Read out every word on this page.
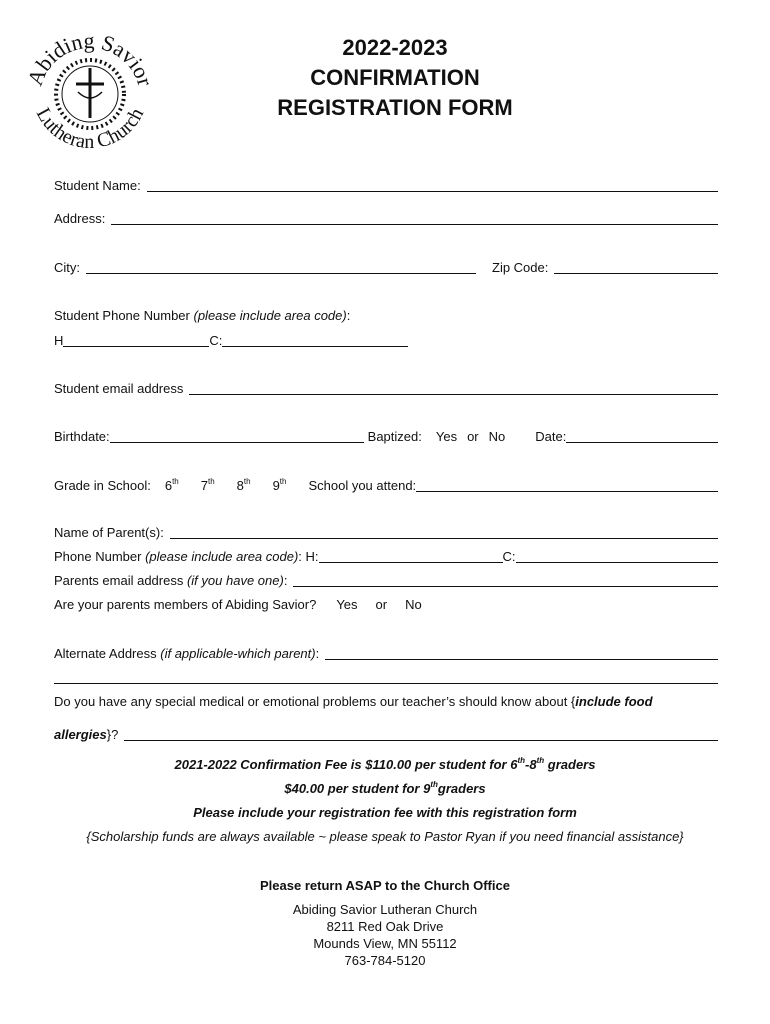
Abiding Savior
Lutheran Church
2022-2023
CONFIRMATION
REGISTRATION FORM
Student Name:
Address:
City:	Zip Code:
Student Phone Number
(please include area code) :
H	C:
Student email address
Birthdate:	Baptized: Yes or No Date:
Grade in School: 6th 7th 8th 9th School you attend:
Name of Parent(s):
Phone Number
(please include area code) : H:	C:
Parents email address
(if you have one) :
Are your parents members of Abiding Savior? Yes or No
Alternate Address
(if applicable-which parent) :
Do you have any special medical or emotional problems our teacher’s should know about { include food
allergies }?
2021-2022 Confirmation Fee is $110.00 per student for 6th-8th graders
$40.00 per student for 9thgraders
Please include your registration fee with this registration form
{Scholarship funds are always available ~ please speak to Pastor Ryan if you need financial assistance}
Please return ASAP to the Church Office
Abiding Savior Lutheran Church
8211 Red Oak Drive
Mounds View, MN 55112
763-784-5120
